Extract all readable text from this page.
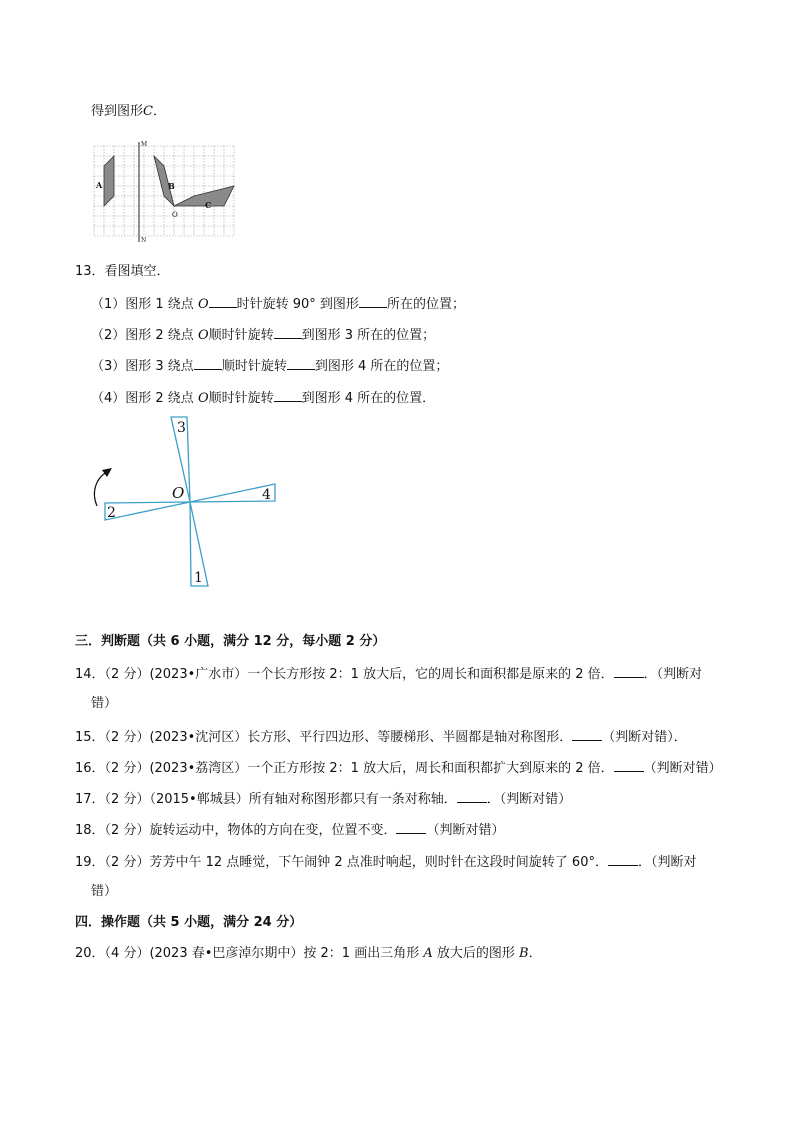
得到图形C．
M
N
A	B
C
O
13．看图填空．
（1）图形 1 绕点 O 时针旋转 90° 到图形 所在的位置；
（2）图形 2 绕点 O顺时针旋转 到图形 3 所在的位置；
（3）图形 3 绕点 顺时针旋转 到图形 4 所在的位置；
（4）图形 2 绕点 O顺时针旋转 到图形 4 所在的位置．
3
4
1
2
O
三．判断题（共 6 小题，满分 12 分，每小题 2 分）
14．（2 分）(2023•广水市）一个长方形按 2：1 放大后，它的周长和面积都是原来的 2 倍． ．（判断对
错）
15．（2 分）(2023•沈河区）长方形、平行四边形、等腰梯形、半圆都是轴对称图形． （判断对错）．
16．（2 分）(2023•荔湾区）一个正方形按 2：1 放大后，周长和面积都扩大到原来的 2 倍． （判断对错）
17．（2 分）（2015•郸城县）所有轴对称图形都只有一条对称轴． ．（判断对错）
18．（2 分）旋转运动中，物体的方向在变，位置不变． （判断对错）
19．（2 分）芳芳中午 12 点睡觉，下午闹钟 2 点准时响起，则时针在这段时间旋转了 60°． ．（判断对
错）
四．操作题（共 5 小题，满分 24 分）
20．（4 分）(2023 春•巴彦淖尔期中）按 2：1 画出三角形 A 放大后的图形 B．
